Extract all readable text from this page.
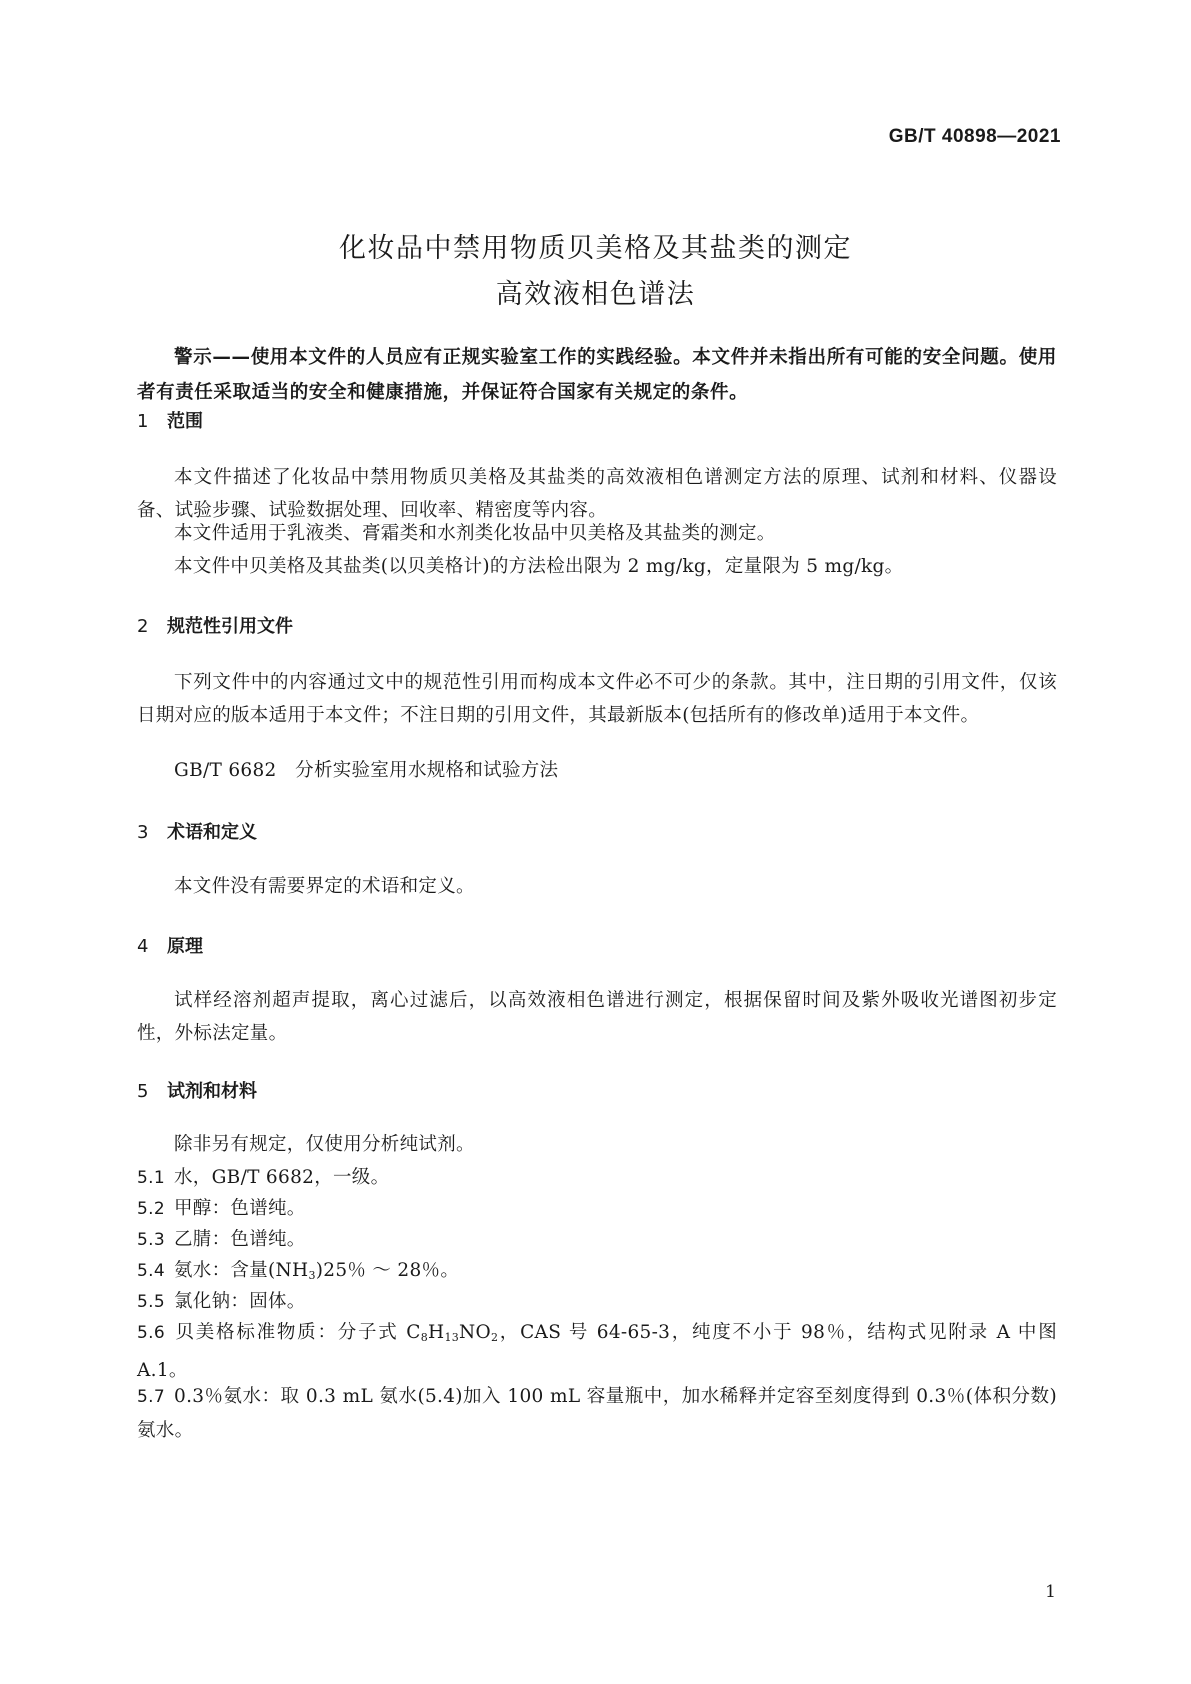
GB/T 40898—2021
化妆品中禁用物质贝美格及其盐类的测定
高效液相色谱法
警示——使用本文件的人员应有正规实验室工作的实践经验。本文件并未指出所有可能的安全问题。使用者有责任采取适当的安全和健康措施，并保证符合国家有关规定的条件。
1 范围
本文件描述了化妆品中禁用物质贝美格及其盐类的高效液相色谱测定方法的原理、试剂和材料、仪器设备、试验步骤、试验数据处理、回收率、精密度等内容。
本文件适用于乳液类、膏霜类和水剂类化妆品中贝美格及其盐类的测定。
本文件中贝美格及其盐类(以贝美格计)的方法检出限为 2 mg/kg，定量限为 5 mg/kg。
2 规范性引用文件
下列文件中的内容通过文中的规范性引用而构成本文件必不可少的条款。其中，注日期的引用文件，仅该日期对应的版本适用于本文件；不注日期的引用文件，其最新版本(包括所有的修改单)适用于本文件。
GB/T 6682 分析实验室用水规格和试验方法
3 术语和定义
本文件没有需要界定的术语和定义。
4 原理
试样经溶剂超声提取，离心过滤后，以高效液相色谱进行测定，根据保留时间及紫外吸收光谱图初步定性，外标法定量。
5 试剂和材料
除非另有规定，仅使用分析纯试剂。
5.1 水，GB/T 6682，一级。
5.2 甲醇：色谱纯。
5.3 乙腈：色谱纯。
5.4 氨水：含量$(NH_3)25$％ ～ 28％。
5.5 氯化钠：固体。
5.6 贝美格标准物质：分子式 $C_8H_{13}NO_2$，CAS 号 64-65-3，纯度不小于 98％，结构式见附录 A 中图 A.1。
5.7 0.3％氨水：取 0.3 mL 氨水(5.4)加入 100 mL 容量瓶中，加水稀释并定容至刻度得到 0.3％(体积分数)氨水。
1
